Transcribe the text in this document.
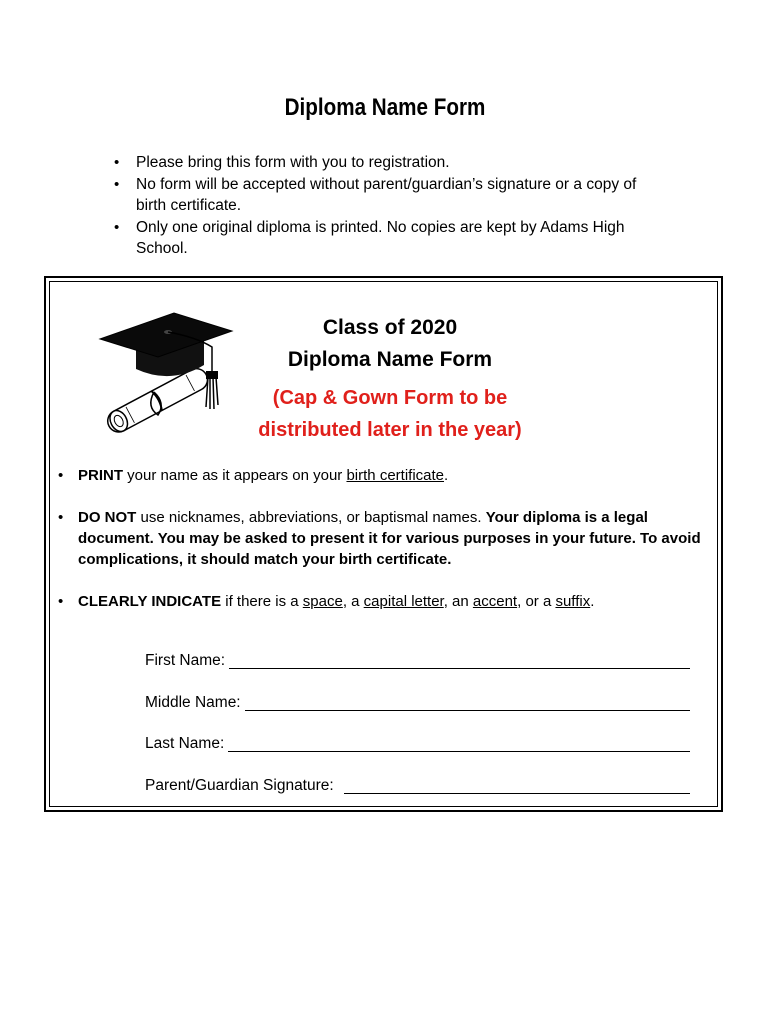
Diploma Name Form
• Please bring this form with you to registration.
• No form will be accepted without parent/guardian’s signature or a copy of birth certificate.
• Only one original diploma is printed. No copies are kept by Adams High School.
Class of 2020
Diploma Name Form
(Cap & Gown Form to be
distributed later in the year)
• PRINT your name as it appears on your birth certificate.
• DO NOT use nicknames, abbreviations, or baptismal names. Your diploma is a legal document. You may be asked to present it for various purposes in your future. To avoid complications, it should match your birth certificate.
• CLEARLY INDICATE if there is a space, a capital letter, an accent, or a suffix.
First Name:
Middle Name:
Last Name:
Parent/Guardian Signature:
